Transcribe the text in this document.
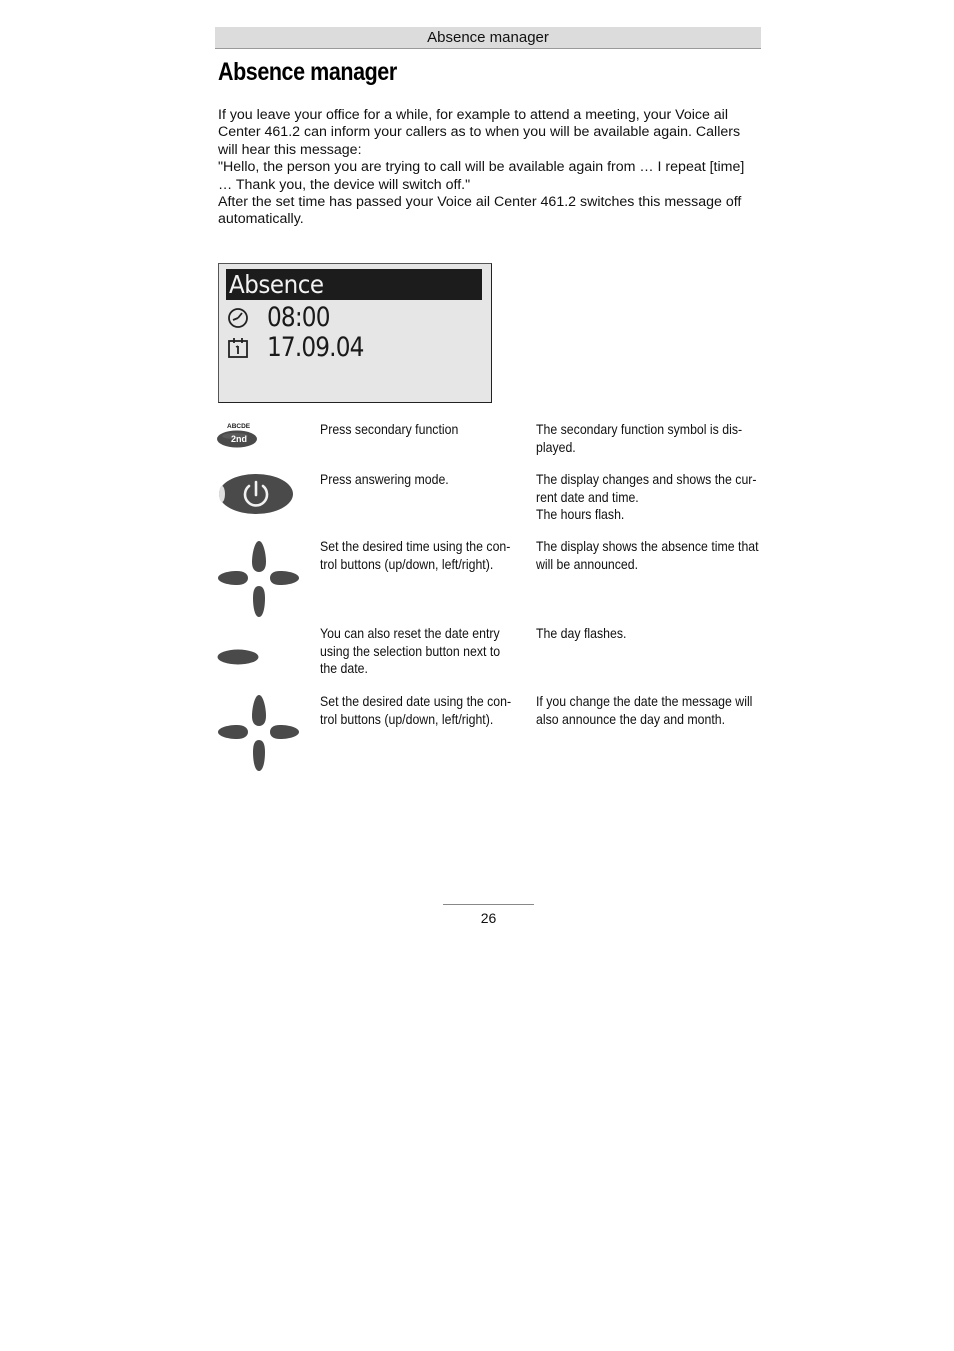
Absence manager
Absence manager

If you leave your office for a while, for example to attend a meeting, your Voice ail Center 461.2 can inform your callers as to when you will be available again. Callers will hear this message:

"Hello, the person you are trying to call will be available again from … I repeat [time] … Thank you, the device will switch off."

After the set time has passed your Voice ail Center 461.2 switches this message off automatically.

Absence
08:00
17.09.04
ABCDE
2nd
Press secondary function	The secondary function symbol is dis-
played.
Press answering mode.	The display changes and shows the cur-
rent date and time.
The hours flash.
Set the desired time using the con-
trol buttons (up/down, left/right).
The display shows the absence time that
will be announced.
You can also reset the date entry
using the selection button next to
the date.
The day flashes.
Set the desired date using the con-
trol buttons (up/down, left/right).
If you change the date the message will
also announce the day and month.
26
